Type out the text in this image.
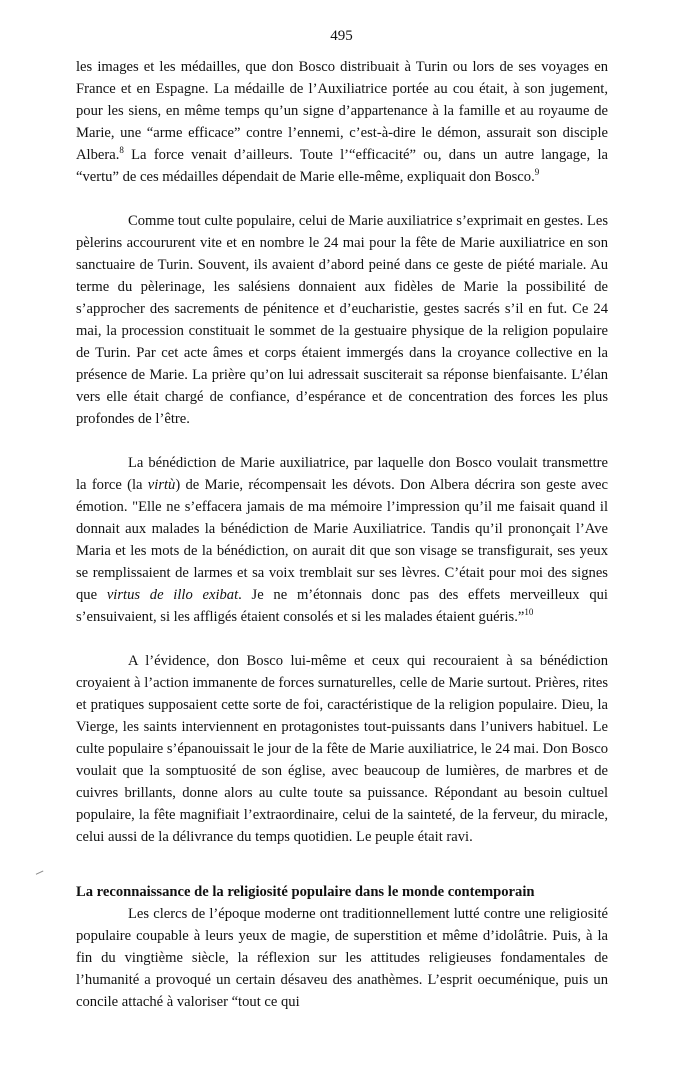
495

les images et les médailles, que don Bosco distribuait à Turin ou lors de ses voyages en France et en Espagne. La médaille de l’Auxiliatrice portée au cou était, à son jugement, pour les siens, en même temps qu’un signe d’appartenance à la famille et au royaume de Marie, une “arme efficace” contre l’ennemi, c’est-à-dire le démon, assurait son disciple Albera.$^8$ La force venait d’ailleurs. Toute l’“efficacité” ou, dans un autre langage, la “vertu” de ces médailles dépendait de Marie elle-même, expliquait don Bosco.$^9$

Comme tout culte populaire, celui de Marie auxiliatrice s’exprimait en gestes. Les pèlerins accoururent vite et en nombre le 24 mai pour la fête de Marie auxiliatrice en son sanctuaire de Turin. Souvent, ils avaient d’abord peiné dans ce geste de piété mariale. Au terme du pèlerinage, les salésiens donnaient aux fidèles de Marie la possibilité de s’approcher des sacrements de pénitence et d’eucharistie, gestes sacrés s’il en fut. Ce 24 mai, la procession constituait le sommet de la gestuaire physique de la religion populaire de Turin. Par cet acte âmes et corps étaient immergés dans la croyance collective en la présence de Marie. La prière qu’on lui adressait susciterait sa réponse bienfaisante. L’élan vers elle était chargé de confiance, d’espérance et de concentration des forces les plus profondes de l’être.

La bénédiction de Marie auxiliatrice, par laquelle don Bosco voulait transmettre la force (la virtù) de Marie, récompensait les dévots. Don Albera décrira son geste avec émotion. "Elle ne s’effacera jamais de ma mémoire l’impression qu’il me faisait quand il donnait aux malades la bénédiction de Marie Auxiliatrice. Tandis qu’il prononçait l’Ave Maria et les mots de la bénédiction, on aurait dit que son visage se transfigurait, ses yeux se remplissaient de larmes et sa voix tremblait sur ses lèvres. C’était pour moi des signes que virtus de illo exibat. Je ne m’étonnais donc pas des effets merveilleux qui s’ensuivaient, si les affligés étaient consolés et si les malades étaient guéris.”$^{10}$

A l’évidence, don Bosco lui-même et ceux qui recouraient à sa bénédiction croyaient à l’action immanente de forces surnaturelles, celle de Marie surtout. Prières, rites et pratiques supposaient cette sorte de foi, caractéristique de la religion populaire. Dieu, la Vierge, les saints interviennent en protagonistes tout-puissants dans l’univers habituel. Le culte populaire s’épanouissait le jour de la fête de Marie auxiliatrice, le 24 mai. Don Bosco voulait que la somptuosité de son église, avec beaucoup de lumières, de marbres et de cuivres brillants, donne alors au culte toute sa puissance. Répondant au besoin cultuel populaire, la fête magnifiait l’extraordinaire, celui de la sainteté, de la ferveur, du miracle, celui aussi de la délivrance du temps quotidien. Le peuple était ravi.

La reconnaissance de la religiosité populaire dans le monde contemporain

Les clercs de l’époque moderne ont traditionnellement lutté contre une religiosité populaire coupable à leurs yeux de magie, de superstition et même d’idolâtrie. Puis, à la fin du vingtième siècle, la réflexion sur les attitudes religieuses fondamentales de l’humanité a provoqué un certain désaveu des anathèmes. L’esprit oecuménique, puis un concile attaché à valoriser “tout ce qui
